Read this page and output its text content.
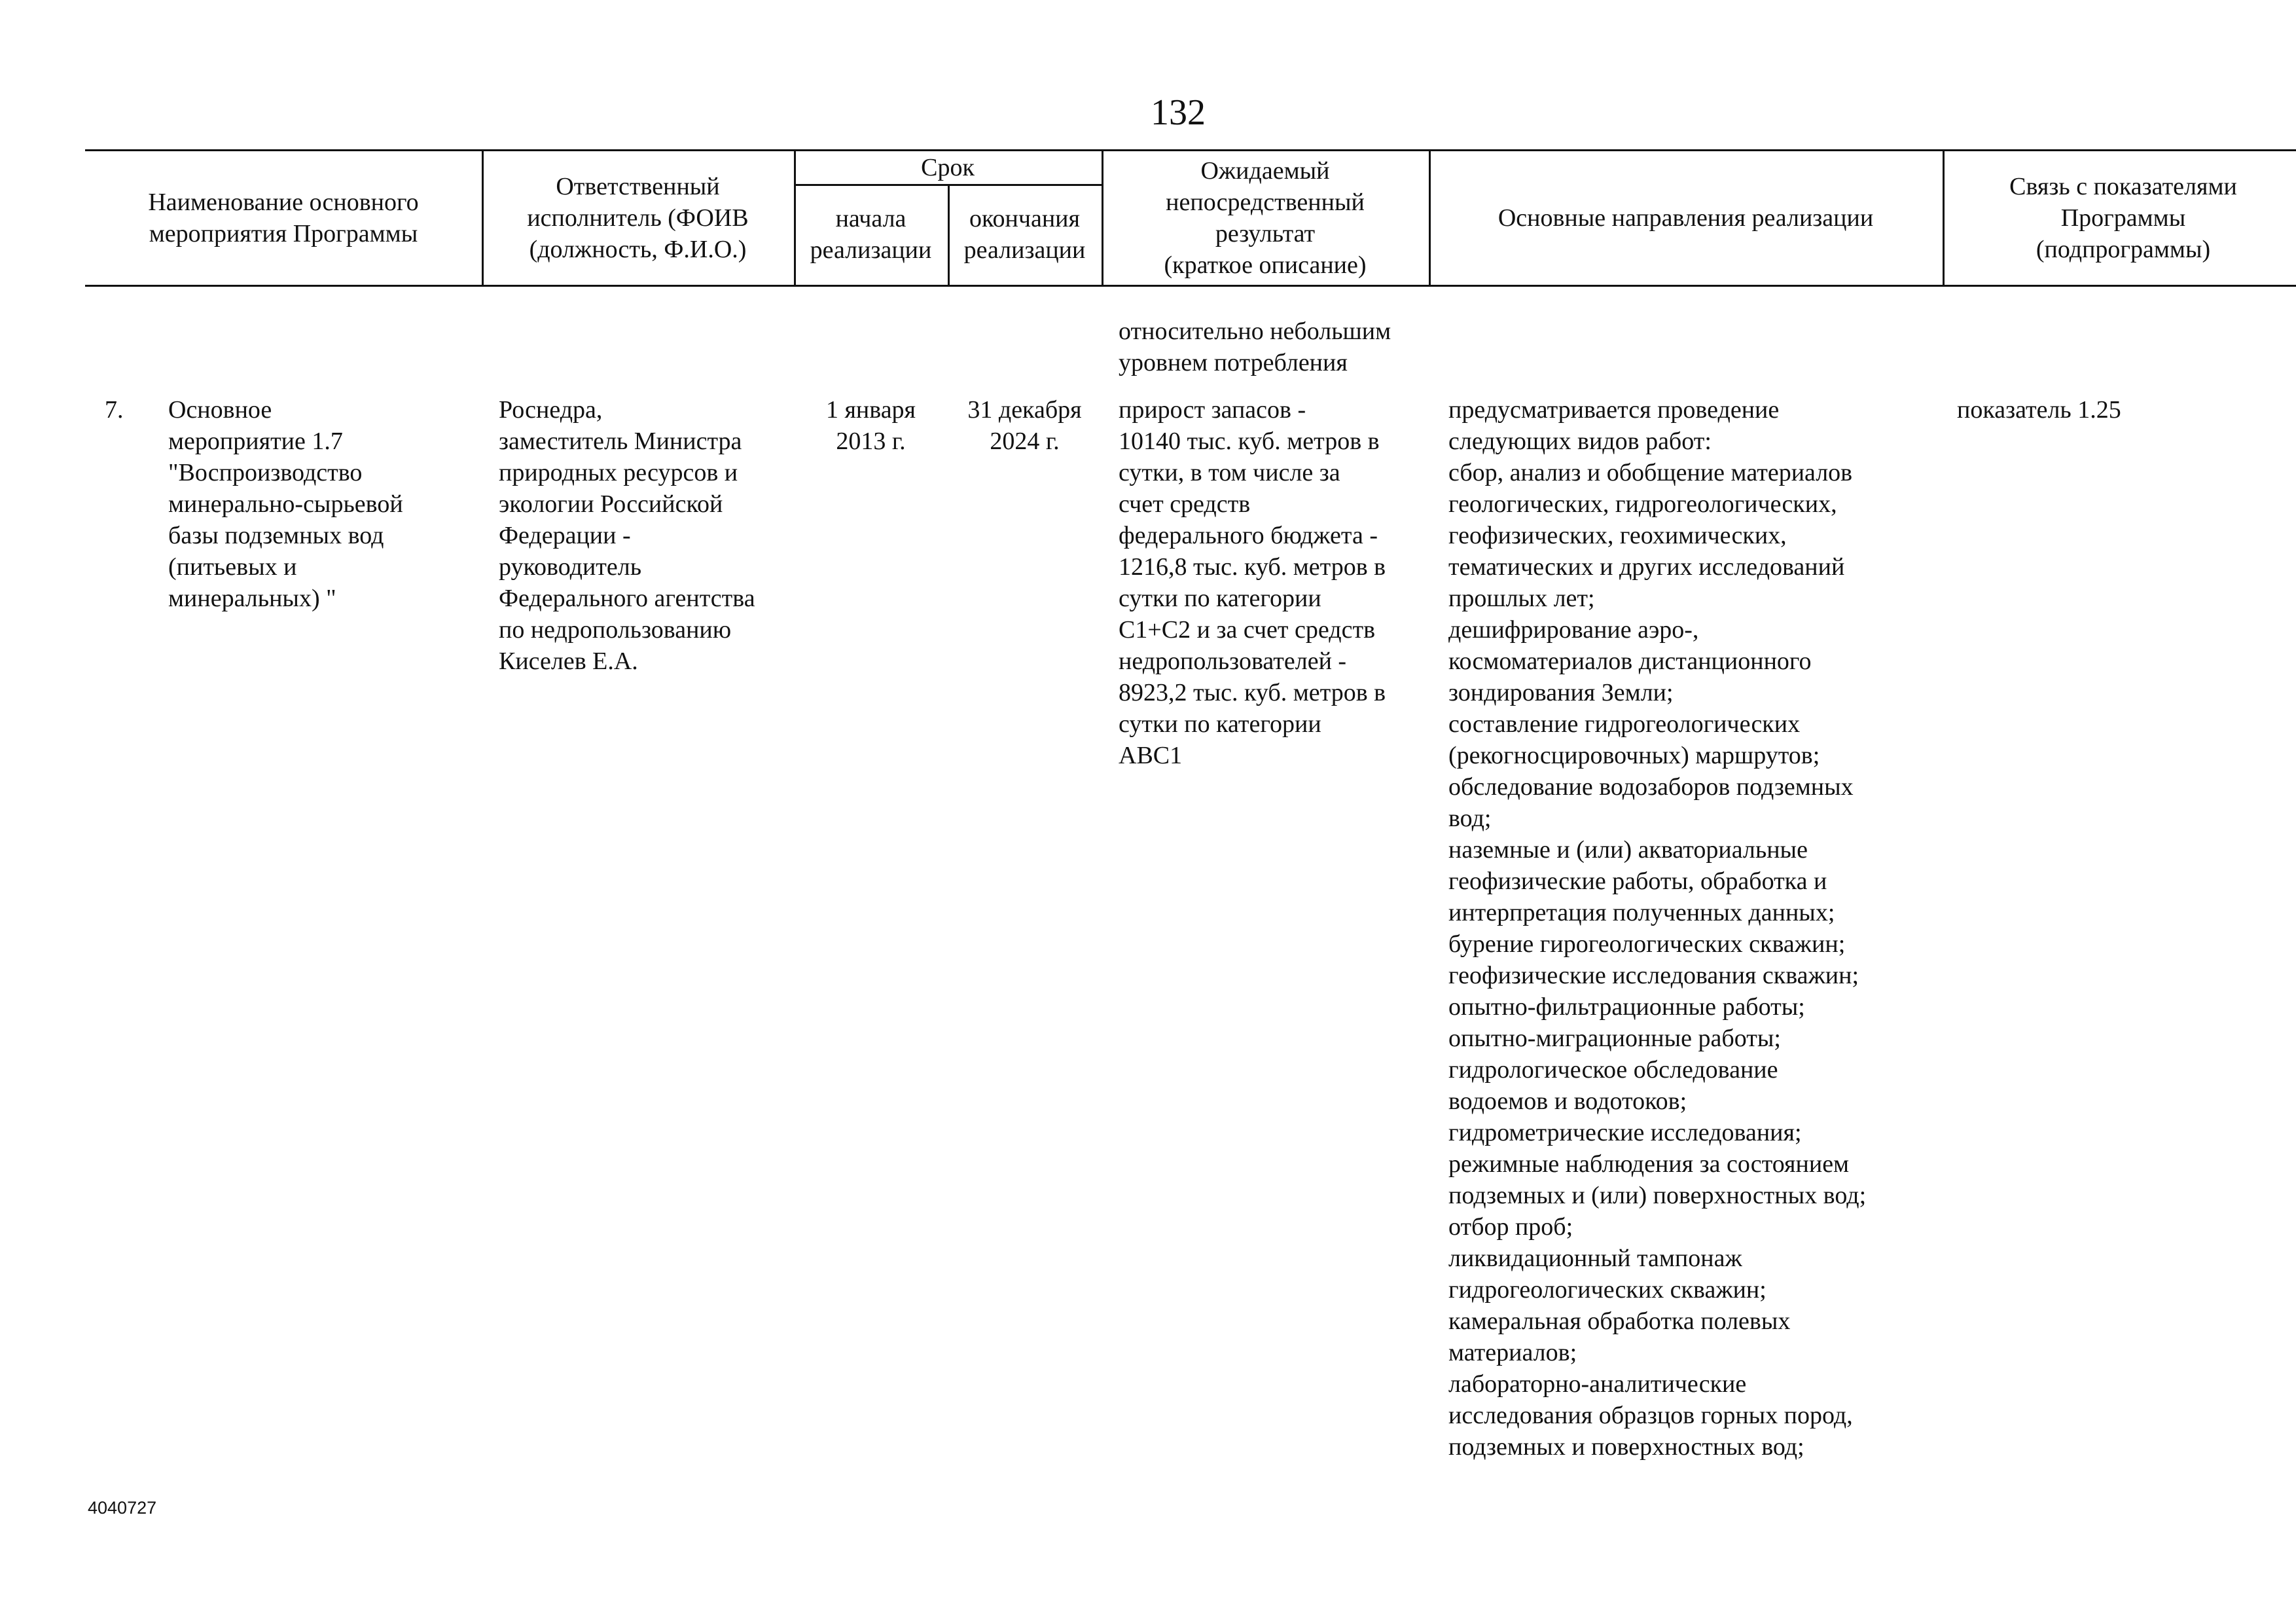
132
Наименование основного
мероприятия Программы
Ответственный
исполнитель (ФОИВ
(должность, Ф.И.О.)
Срок
начала
реализации
окончания
реализации
Ожидаемый
непосредственный
результат
(краткое описание)
Основные направления реализации
Связь с показателями
Программы
(подпрограммы)
относительно небольшим
уровнем потребления
7.	Основное
мероприятие 1.7
"Воспроизводство
минерально-сырьевой
базы подземных вод
(питьевых и
минеральных) "
Роснедра,
заместитель Министра
природных ресурсов и
экологии Российской
Федерации -
руководитель
Федерального агентства
по недропользованию
Киселев Е.А.
1 января
2013 г.
31 декабря
2024 г.
прирост запасов -
10140 тыс. куб. метров в
сутки, в том числе за
счет средств
федерального бюджета -
1216,8 тыс. куб. метров в
сутки по категории
C1+C2 и за счет средств
недропользователей -
8923,2 тыс. куб. метров в
сутки по категории
ABC1
предусматривается проведение
следующих видов работ:
сбор, анализ и обобщение материалов
геологических, гидрогеологических,
геофизических, геохимических,
тематических и других исследований
прошлых лет;
дешифрирование аэро-,
космоматериалов дистанционного
зондирования Земли;
составление гидрогеологических
(рекогносцировочных) маршрутов;
обследование водозаборов подземных
вод;
наземные и (или) акваториальные
геофизические работы, обработка и
интерпретация полученных данных;
бурение гирогеологических скважин;
геофизические исследования скважин;
опытно-фильтрационные работы;
опытно-миграционные работы;
гидрологическое обследование
водоемов и водотоков;
гидрометрические исследования;
режимные наблюдения за состоянием
подземных и (или) поверхностных вод;
отбор проб;
ликвидационный тампонаж
гидрогеологических скважин;
камеральная обработка полевых
материалов;
лабораторно-аналитические
исследования образцов горных пород,
подземных и поверхностных вод;
показатель 1.25
4040727
